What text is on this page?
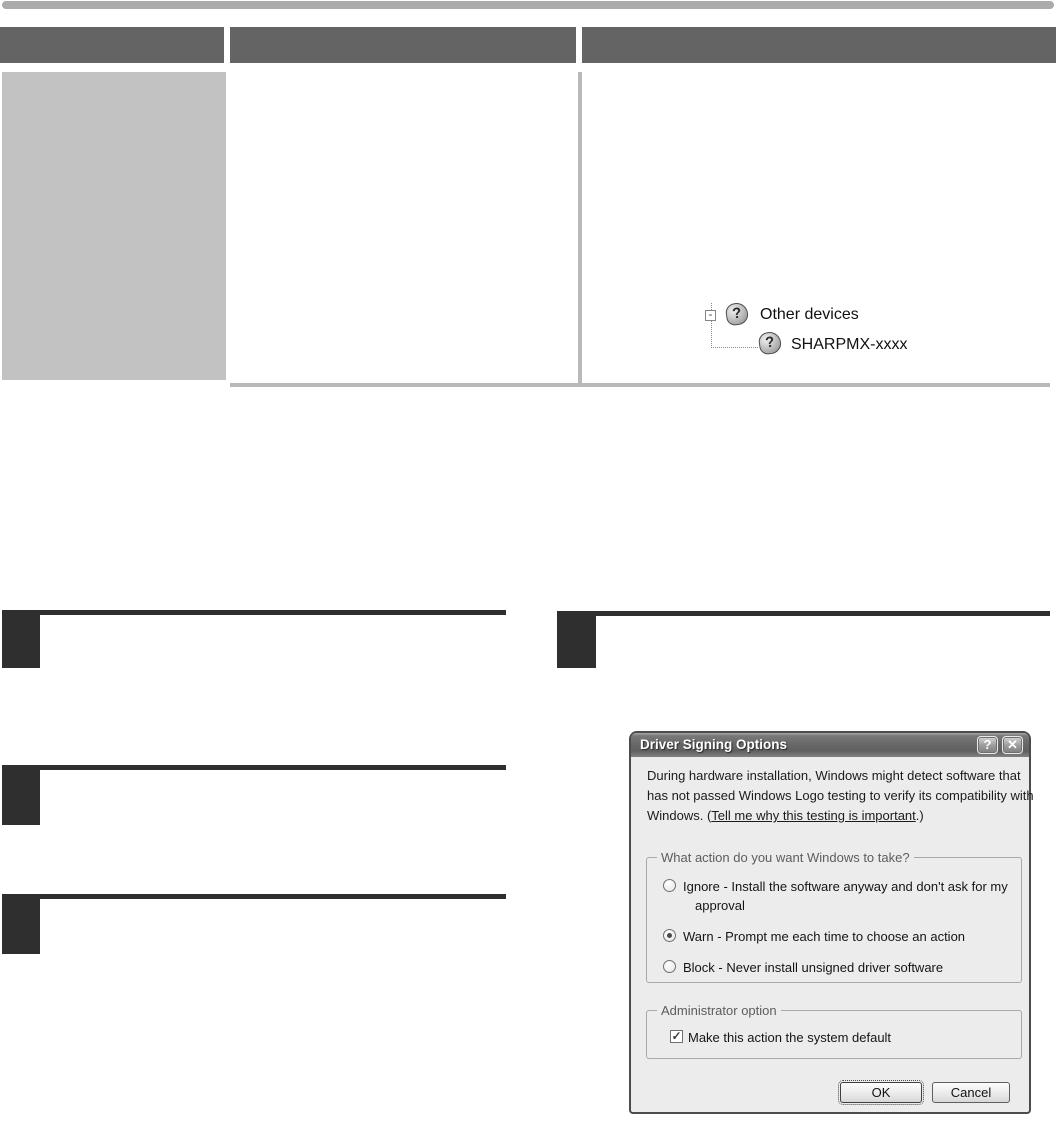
-	?	Other devices
? SHARPMX-xxxx
Driver Signing Options	?	✕
During hardware installation, Windows might detect software that
has not passed Windows Logo testing to verify its compatibility with
Windows. (Tell me why this testing is important.)
What action do you want Windows to take?
Ignore - Install the software anyway and don't ask for my
approval
Warn - Prompt me each time to choose an action
Block - Never install unsigned driver software
Administrator option
✓ Make this action the system default
OK	Cancel
